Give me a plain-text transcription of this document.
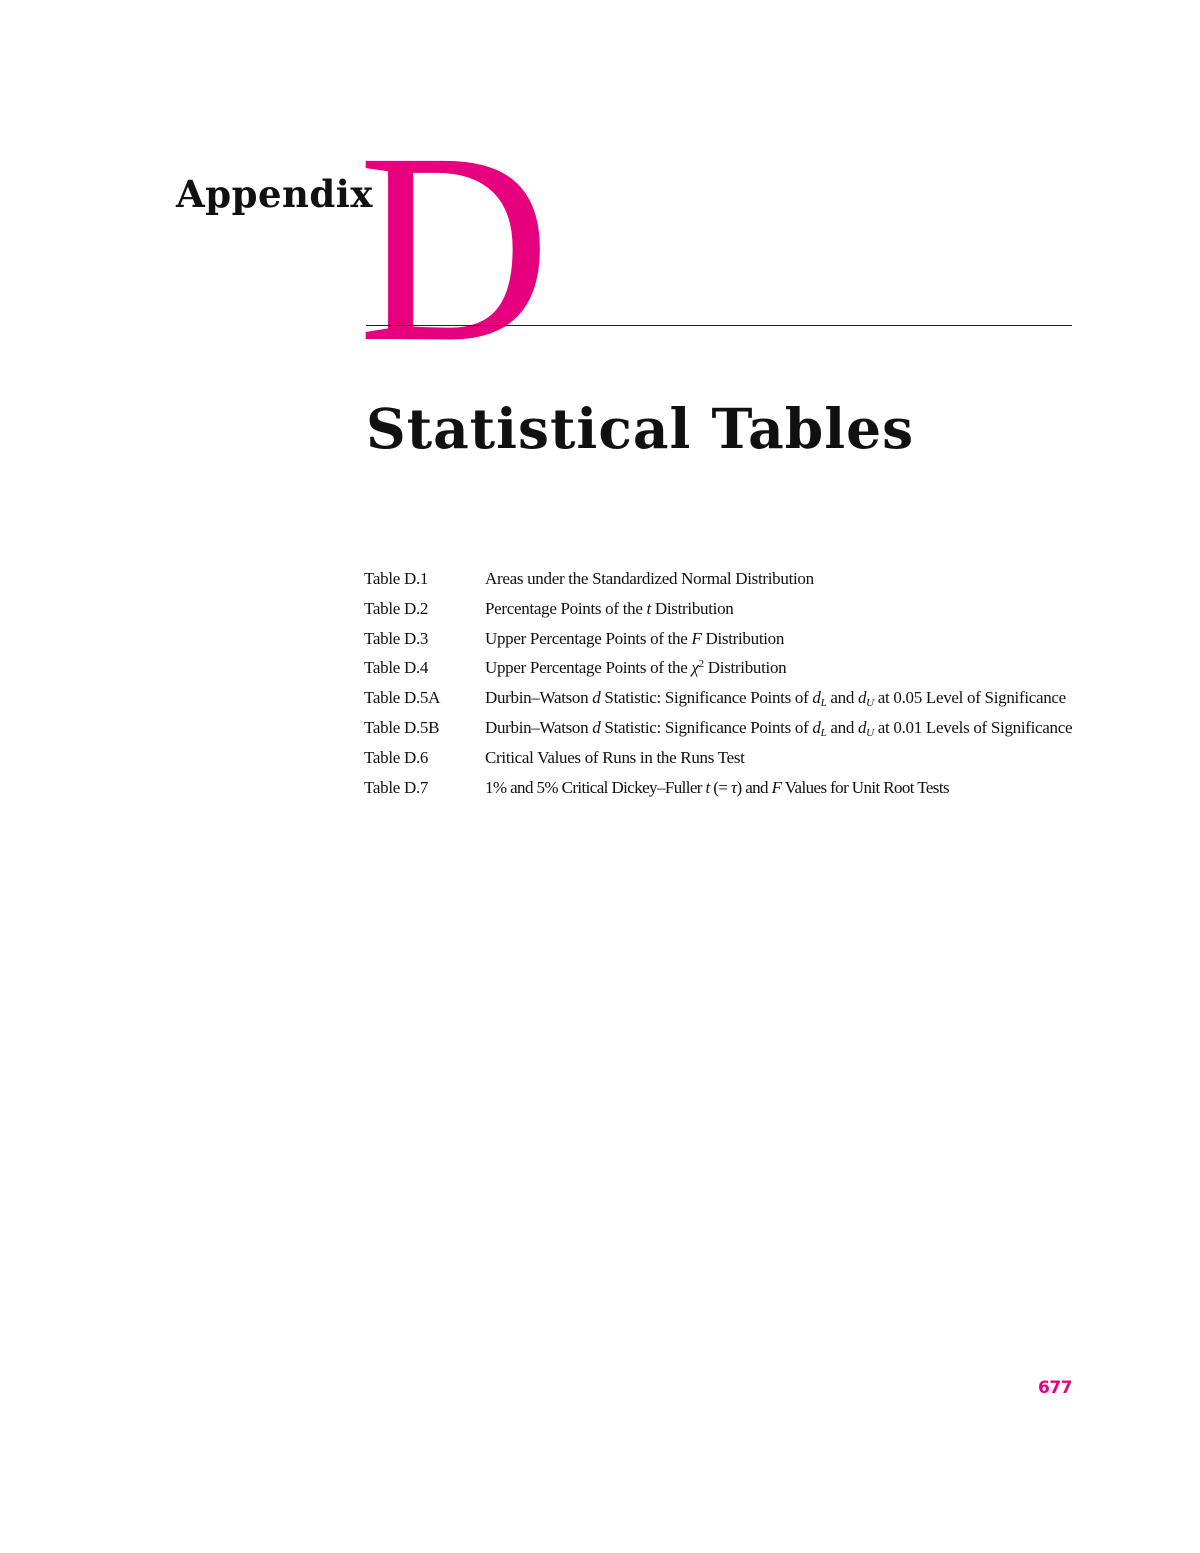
Appendix
D
Statistical Tables
Table D.1	Areas under the Standardized Normal Distribution
Table D.2	Percentage Points of the t Distribution
Table D.3	Upper Percentage Points of the F Distribution
Table D.4	Upper Percentage Points of the $\chi^2$ Distribution
Table D.5A	Durbin–Watson d Statistic: Significance Points of $d_L$ and $d_U$ at 0.05 Level of Significance
Table D.5B	Durbin–Watson d Statistic: Significance Points of $d_L$ and $d_U$ at 0.01 Levels of Significance
Table D.6	Critical Values of Runs in the Runs Test
Table D.7	1% and 5% Critical Dickey–Fuller t (= τ) and F Values for Unit Root Tests
677
